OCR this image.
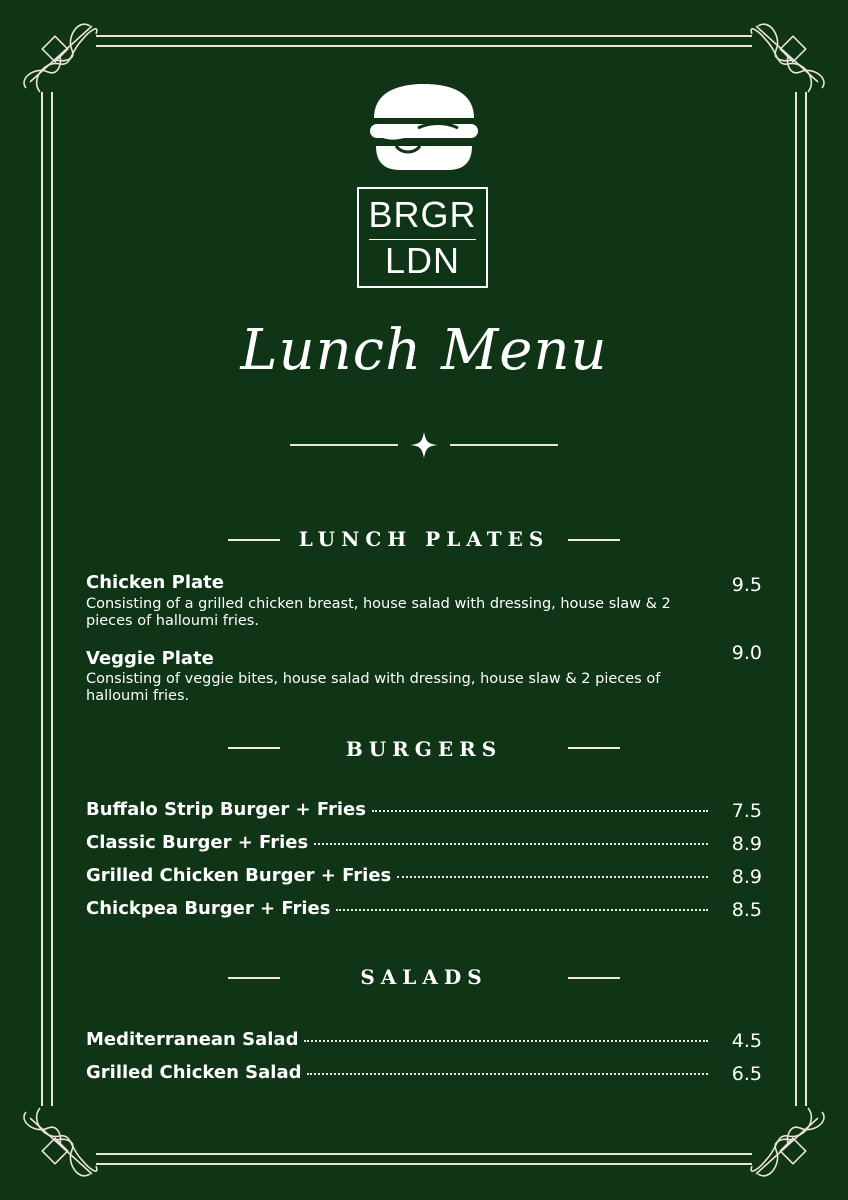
BRGR
LDN
Lunch Menu
LUNCH PLATES
Chicken Plate
Consisting of a grilled chicken breast, house salad with dressing, house slaw & 2 pieces of halloumi fries.
9.5
Veggie Plate
Consisting of veggie bites, house salad with dressing, house slaw & 2 pieces of halloumi fries.
9.0
BURGERS
Buffalo Strip Burger + Fries	7.5
Classic Burger + Fries	8.9
Grilled Chicken Burger + Fries	8.9
Chickpea Burger + Fries	8.5
SALADS
Mediterranean Salad	4.5
Grilled Chicken Salad	6.5
